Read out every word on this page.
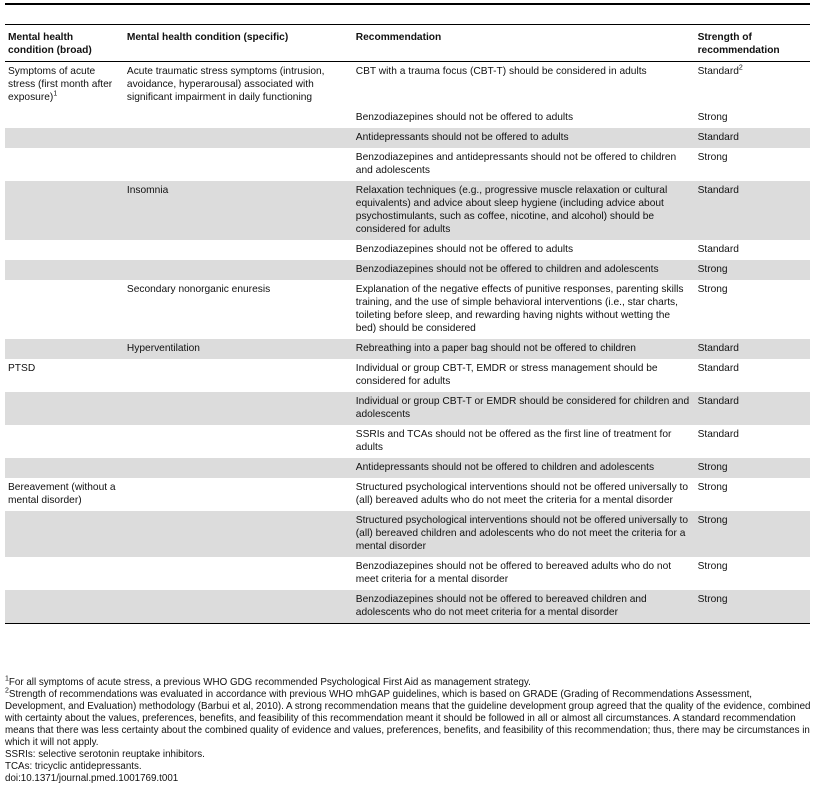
Mental health condition (broad)	Mental health condition (specific)	Recommendation	Strength of recommendation
Symptoms of acute stress (first month after exposure)$^1$	Acute traumatic stress symptoms (intrusion, avoidance, hyperarousal) associated with significant impairment in daily functioning	CBT with a trauma focus (CBT-T) should be considered in adults	Standard$^2$
		Benzodiazepines should not be offered to adults	Strong
		Antidepressants should not be offered to adults	Standard
		Benzodiazepines and antidepressants should not be offered to children and adolescents	Strong
	Insomnia	Relaxation techniques (e.g., progressive muscle relaxation or cultural equivalents) and advice about sleep hygiene (including advice about psychostimulants, such as coffee, nicotine, and alcohol) should be considered for adults	Standard
		Benzodiazepines should not be offered to adults	Standard
		Benzodiazepines should not be offered to children and adolescents	Strong
	Secondary nonorganic enuresis	Explanation of the negative effects of punitive responses, parenting skills training, and the use of simple behavioral interventions (i.e., star charts, toileting before sleep, and rewarding having nights without wetting the bed) should be considered	Strong
	Hyperventilation	Rebreathing into a paper bag should not be offered to children	Standard
PTSD		Individual or group CBT-T, EMDR or stress management should be considered for adults	Standard
		Individual or group CBT-T or EMDR should be considered for children and adolescents	Standard
		SSRIs and TCAs should not be offered as the first line of treatment for adults	Standard
		Antidepressants should not be offered to children and adolescents	Strong
Bereavement (without a mental disorder)		Structured psychological interventions should not be offered universally to (all) bereaved adults who do not meet the criteria for a mental disorder	Strong
		Structured psychological interventions should not be offered universally to (all) bereaved children and adolescents who do not meet the criteria for a mental disorder	Strong
		Benzodiazepines should not be offered to bereaved adults who do not meet criteria for a mental disorder	Strong
		Benzodiazepines should not be offered to bereaved children and adolescents who do not meet criteria for a mental disorder	Strong

$^1$For all symptoms of acute stress, a previous WHO GDG recommended Psychological First Aid as management strategy.

$^2$Strength of recommendations was evaluated in accordance with previous WHO mhGAP guidelines, which is based on GRADE (Grading of Recommendations Assessment, Development, and Evaluation) methodology (Barbui et al, 2010). A strong recommendation means that the guideline development group agreed that the quality of the evidence, combined with certainty about the values, preferences, benefits, and feasibility of this recommendation meant it should be followed in all or almost all circumstances. A standard recommendation means that there was less certainty about the combined quality of evidence and values, preferences, benefits, and feasibility of this recommendation; thus, there may be circumstances in which it will not apply.

SSRIs: selective serotonin reuptake inhibitors.

TCAs: tricyclic antidepressants.

doi:10.1371/journal.pmed.1001769.t001
